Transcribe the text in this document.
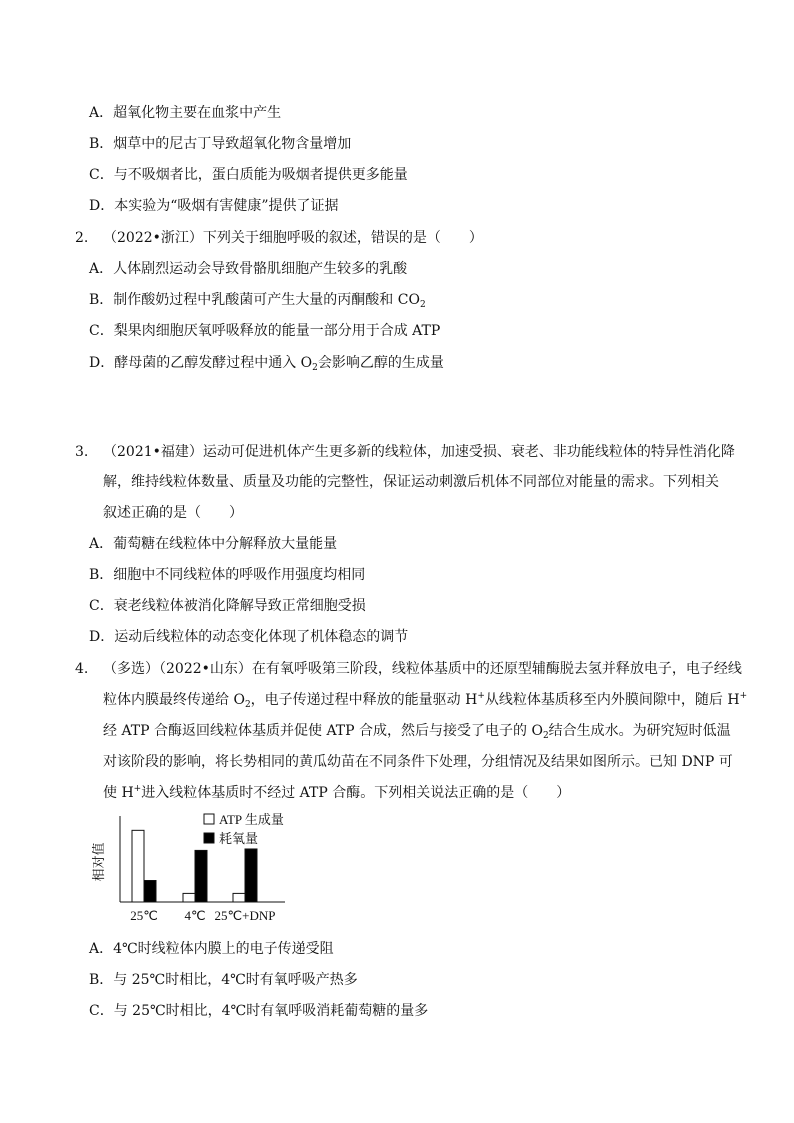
A．超氧化物主要在血浆中产生
B．烟草中的尼古丁导致超氧化物含量增加
C．与不吸烟者比，蛋白质能为吸烟者提供更多能量
D．本实验为“吸烟有害健康”提供了证据
2. （2022•浙江）下列关于细胞呼吸的叙述，错误的是（　　）
A．人体剧烈运动会导致骨骼肌细胞产生较多的乳酸
B．制作酸奶过程中乳酸菌可产生大量的丙酮酸和 $CO_2$
C．梨果肉细胞厌氧呼吸释放的能量一部分用于合成 ATP
D．酵母菌的乙醇发酵过程中通入 $O_2$会影响乙醇的生成量
3. （2021•福建）运动可促进机体产生更多新的线粒体，加速受损、衰老、非功能线粒体的特异性消化降
解，维持线粒体数量、质量及功能的完整性，保证运动刺激后机体不同部位对能量的需求。下列相关
叙述正确的是（　　）
A．葡萄糖在线粒体中分解释放大量能量
B．细胞中不同线粒体的呼吸作用强度均相同
C．衰老线粒体被消化降解导致正常细胞受损
D．运动后线粒体的动态变化体现了机体稳态的调节
4. （多选）（2022•山东）在有氧呼吸第三阶段，线粒体基质中的还原型辅酶脱去氢并释放电子，电子经线
粒体内膜最终传递给 $O_2$，电子传递过程中释放的能量驱动 H+从线粒体基质移至内外膜间隙中，随后 H+
经 ATP 合酶返回线粒体基质并促使 ATP 合成，然后与接受了电子的 $O_2$结合生成水。为研究短时低温
对该阶段的影响，将长势相同的黄瓜幼苗在不同条件下处理，分组情况及结果如图所示。已知 DNP 可
使 H+进入线粒体基质时不经过 ATP 合酶。下列相关说法正确的是（　　）
相对值
25℃ 4℃ 25℃+DNP
ATP 生成量
耗氧量
A．4℃时线粒体内膜上的电子传递受阻
B．与 25℃时相比，4℃时有氧呼吸产热多
C．与 25℃时相比，4℃时有氧呼吸消耗葡萄糖的量多
